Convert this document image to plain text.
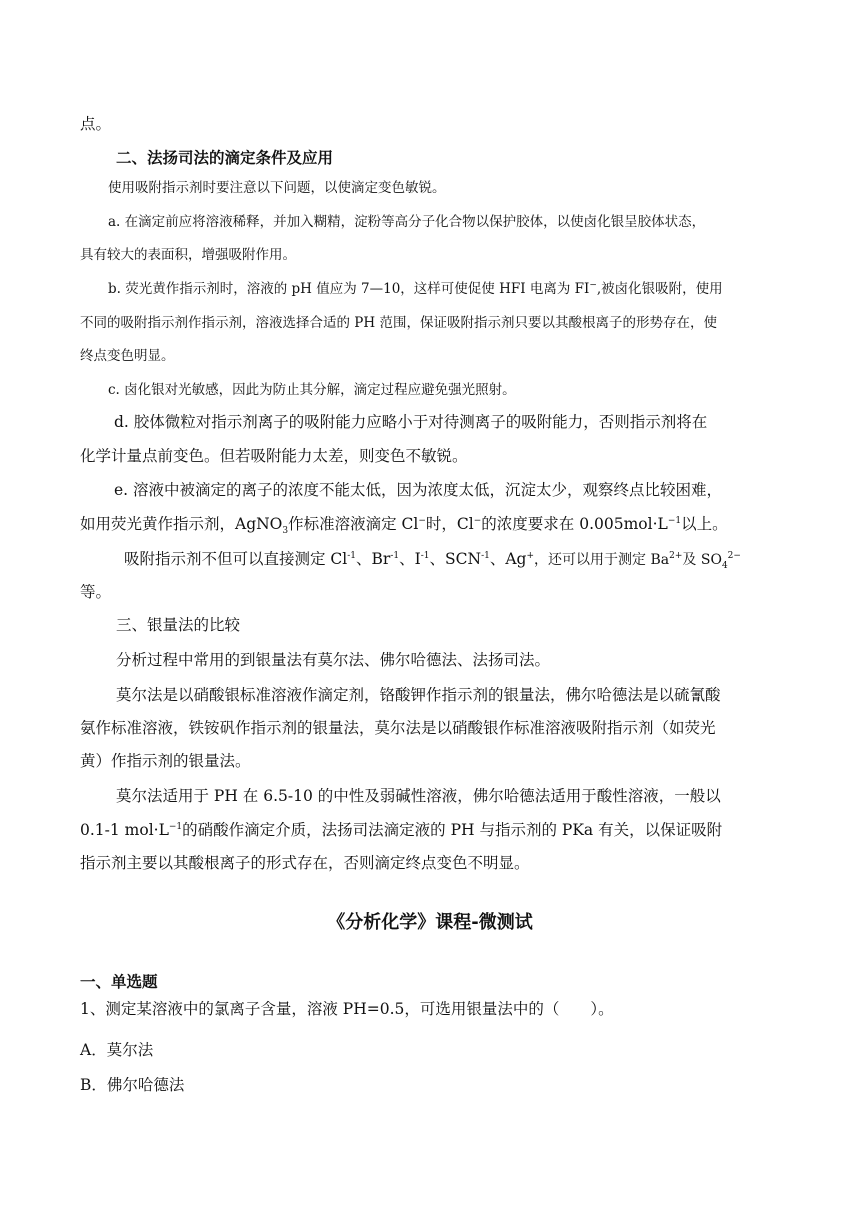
点。
二、法扬司法的滴定条件及应用
使用吸附指示剂时要注意以下问题，以使滴定变色敏锐。
a. 在滴定前应将溶液稀释，并加入糊精，淀粉等高分子化合物以保护胶体，以使卤化银呈胶体状态，
具有较大的表面积，增强吸附作用。
b. 荧光黄作指示剂时，溶液的 pH 值应为 7—10，这样可使促使 HFI 电离为 FI−,被卤化银吸附，使用
不同的吸附指示剂作指示剂，溶液选择合适的 PH 范围，保证吸附指示剂只要以其酸根离子的形势存在，使
终点变色明显。
c. 卤化银对光敏感，因此为防止其分解，滴定过程应避免强光照射。
d. 胶体微粒对指示剂离子的吸附能力应略小于对待测离子的吸附能力，否则指示剂将在
化学计量点前变色。但若吸附能力太差，则变色不敏锐。
e. 溶液中被滴定的离子的浓度不能太低，因为浓度太低，沉淀太少，观察终点比较困难，
如用荧光黄作指示剂，AgNO$_3$作标准溶液滴定 Cl−时，Cl−的浓度要求在 $0.005mol\cdot L^{-1}$以上。
吸附指示剂不但可以直接测定 $Cl^{-1}$、$Br^{-1}$、$I^{-1}$、$SCN^{-1}$、Ag+，还可以用于测定 $Ba^{2+}$及 $SO_4^{2-}$
等。
三、银量法的比较
分析过程中常用的到银量法有莫尔法、佛尔哈德法、法扬司法。
莫尔法是以硝酸银标准溶液作滴定剂，铬酸钾作指示剂的银量法，佛尔哈德法是以硫氰酸
氨作标准溶液，铁铵矾作指示剂的银量法，莫尔法是以硝酸银作标准溶液吸附指示剂（如荧光
黄）作指示剂的银量法。
莫尔法适用于 PH 在 6.5-10 的中性及弱碱性溶液，佛尔哈德法适用于酸性溶液，一般以
0.1-1 $mol\cdot L^{-1}$的硝酸作滴定介质，法扬司法滴定液的 PH 与指示剂的 PKa 有关，以保证吸附
指示剂主要以其酸根离子的形式存在，否则滴定终点变色不明显。
《分析化学》课程-微测试
一、单选题
1、测定某溶液中的氯离子含量，溶液 PH=0.5，可选用银量法中的（　　）。
A．莫尔法
B．佛尔哈德法
